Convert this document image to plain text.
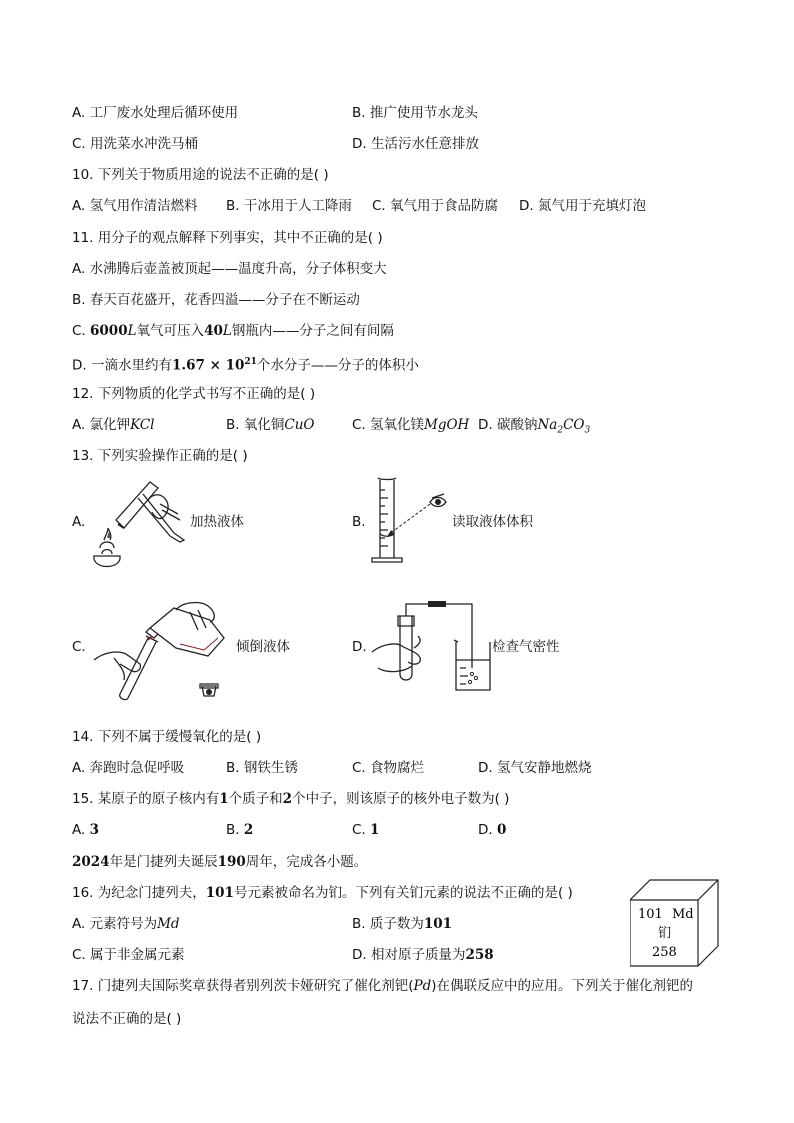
A. 工厂废水处理后循环使用	B. 推广使用节水龙头
C. 用洗菜水冲洗马桶	D. 生活污水任意排放
10. 下列关于物质用途的说法不正确的是( )
A. 氢气用作清洁燃料 B. 干冰用于人工降雨 C. 氧气用于食品防腐 D. 氮气用于充填灯泡
11. 用分子的观点解释下列事实，其中不正确的是( )
A. 水沸腾后壶盖被顶起——温度升高，分子体积变大
B. 春天百花盛开，花香四溢——分子在不断运动
C. 6000L氧气可压入40L钢瓶内——分子之间有间隔
D. 一滴水里约有$1.67 \times 10^{21}$个水分子——分子的体积小
12. 下列物质的化学式书写不正确的是( )
A. 氯化钾KCl	B. 氧化铜CuO	C. 氢氧化镁MgOH D. 碳酸钠$Na_2CO_3$
13. 下列实验操作正确的是( )
A.	加热液体	B.	读取液体体积
C.	倾倒液体	D.	检查气密性
14. 下列不属于缓慢氧化的是( )
A. 奔跑时急促呼吸	B. 钢铁生锈	C. 食物腐烂	D. 氢气安静地燃烧
15. 某原子的原子核内有1个质子和2个中子，则该原子的核外电子数为( )
A. 3	B. 2	C. 1	D. 0
2024年是门捷列夫诞辰190周年，完成各小题。
16. 为纪念门捷列夫，101号元素被命名为钔。下列有关钔元素的说法不正确的是( )
A. 元素符号为Md	B. 质子数为101
C. 属于非金属元素	D. 相对原子质量为258
101 Md
钔
258
17. 门捷列夫国际奖章获得者别列茨卡娅研究了催化剂钯(Pd)在偶联反应中的应用。下列关于催化剂钯的
说法不正确的是( )
